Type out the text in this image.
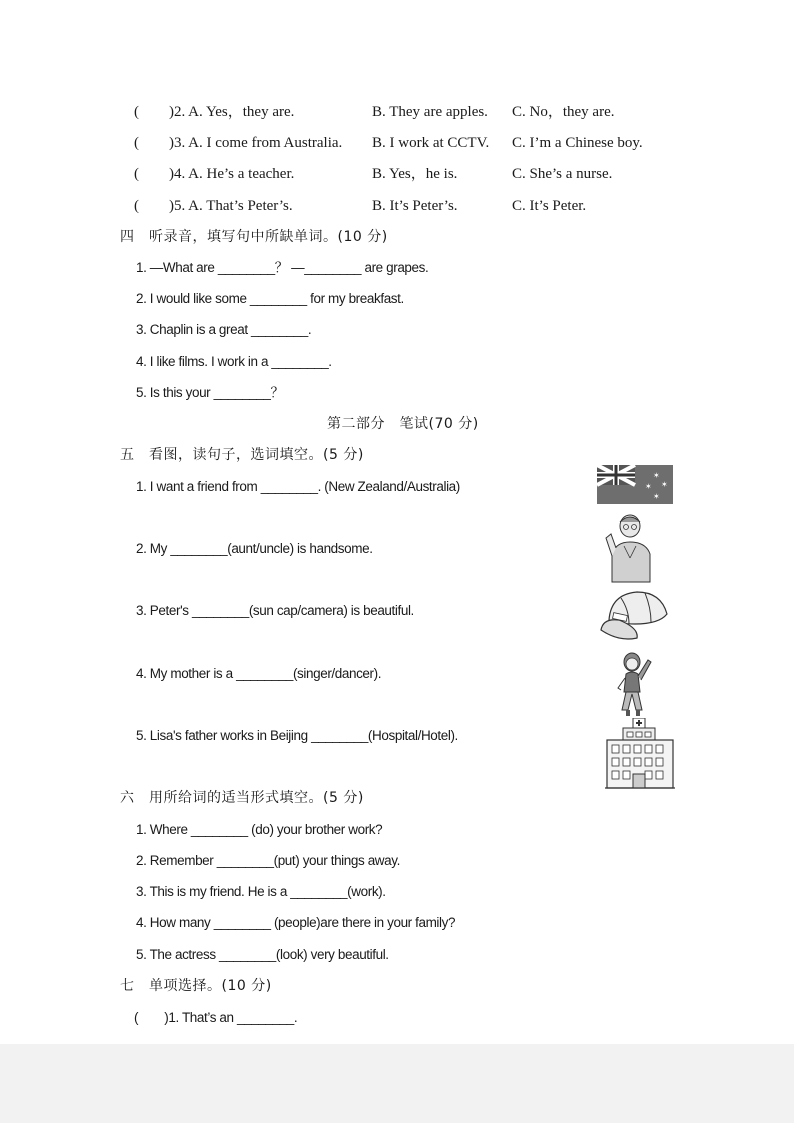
(　　)2. A. Yes，they are.	B. They are apples. C. No，they are.
(　　)3. A. I come from Australia. B. I work at CCTV. C. I’m a Chinese boy.
(　　)4. A. He’s a teacher.	B. Yes，he is.	C. She’s a nurse.
(　　)5. A. That’s Peter’s.	B. It’s Peter’s.	C. It’s Peter.
四　听录音，填写句中所缺单词。(10 分)
1. —What are ________？ —________ are grapes.
2. I would like some ________ for my breakfast.
3. Chaplin is a great ________.
4. I like films. I work in a ________.
5. Is this your ________？
第二部分　笔试(70 分)
五　看图，读句子，选词填空。(5 分)
1. I want a friend from ________. (New Zealand/Australia)
2. My ________(aunt/uncle) is handsome.
3. Peter's ________(sun cap/camera) is beautiful.
4. My mother is a ________(singer/dancer).
5. Lisa's father works in Beijing ________(Hospital/Hotel).
✶
✶
✶
✶
六　用所给词的适当形式填空。(5 分)
1. Where ________ (do) your brother work?
2. Remember ________(put) your things away.
3. This is my friend. He is a ________(work).
4. How many ________ (people)are there in your family?
5. The actress ________(look) very beautiful.
七　单项选择。(10 分)
(　　)1. That’s an ________.
